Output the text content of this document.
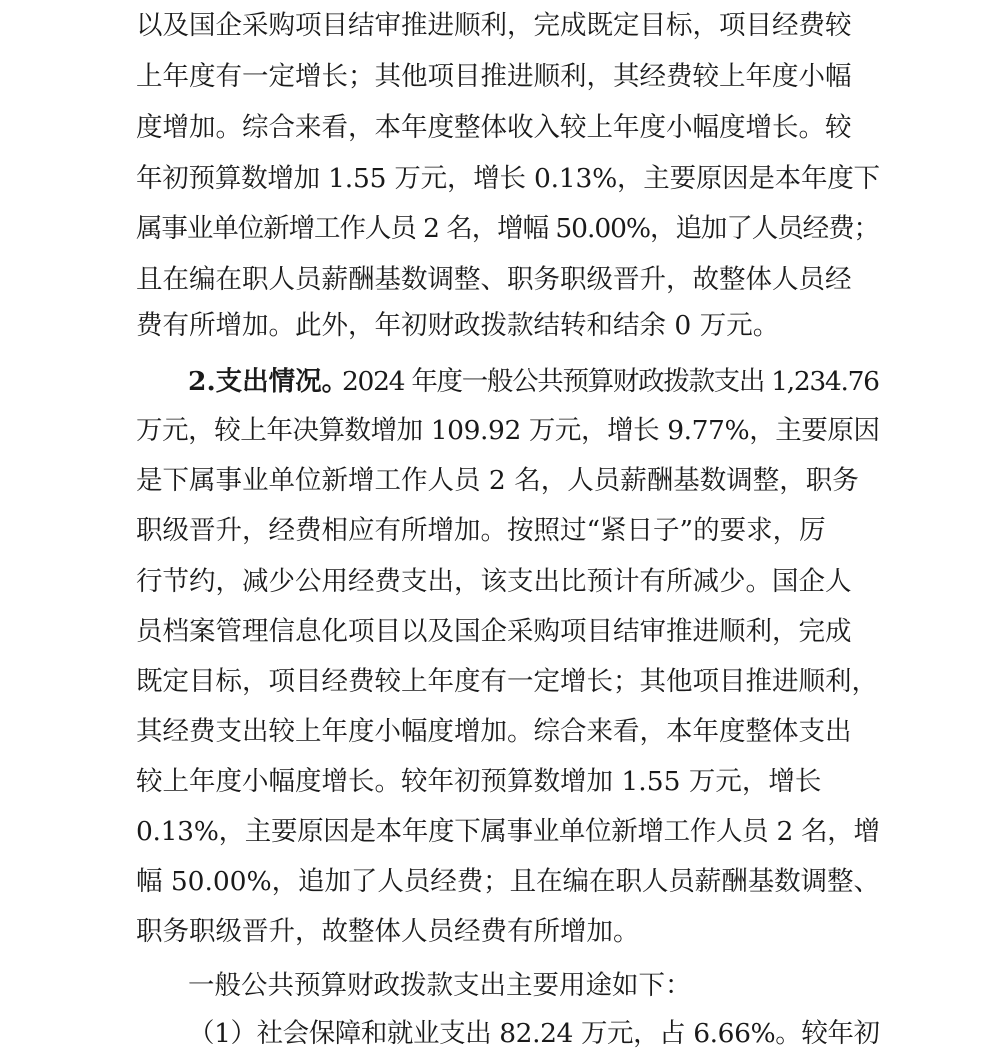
以及国企采购项目结审推进顺利，完成既定目标，项目经费较
上年度有一定增长；其他项目推进顺利，其经费较上年度小幅
度增加。综合来看，本年度整体收入较上年度小幅度增长。较
年初预算数增加 1.55 万元，增长 0.13%，主要原因是本年度下
属事业单位新增工作人员 2 名，增幅 50.00%，追加了人员经费；
且在编在职人员薪酬基数调整、职务职级晋升，故整体人员经
费有所增加。此外，年初财政拨款结转和结余 0 万元。
2.支出情况。
2024 年度一般公共预算财政拨款支出 1,234.76
万元，较上年决算数增加 109.92 万元，增长 9.77%，主要原因
是下属事业单位新增工作人员 2 名，人员薪酬基数调整，职务
职级晋升，经费相应有所增加。按照过“紧日子”的要求，厉
行节约，减少公用经费支出，该支出比预计有所减少。国企人
员档案管理信息化项目以及国企采购项目结审推进顺利，完成
既定目标，项目经费较上年度有一定增长；其他项目推进顺利，
其经费支出较上年度小幅度增加。综合来看，本年度整体支出
较上年度小幅度增长。较年初预算数增加 1.55 万元，增长
0.13%，主要原因是本年度下属事业单位新增工作人员 2 名，增
幅 50.00%，追加了人员经费；且在编在职人员薪酬基数调整、
职务职级晋升，故整体人员经费有所增加。
一般公共预算财政拨款支出主要用途如下：
（1）社会保障和就业支出 82.24 万元，占 6.66%。较年初
